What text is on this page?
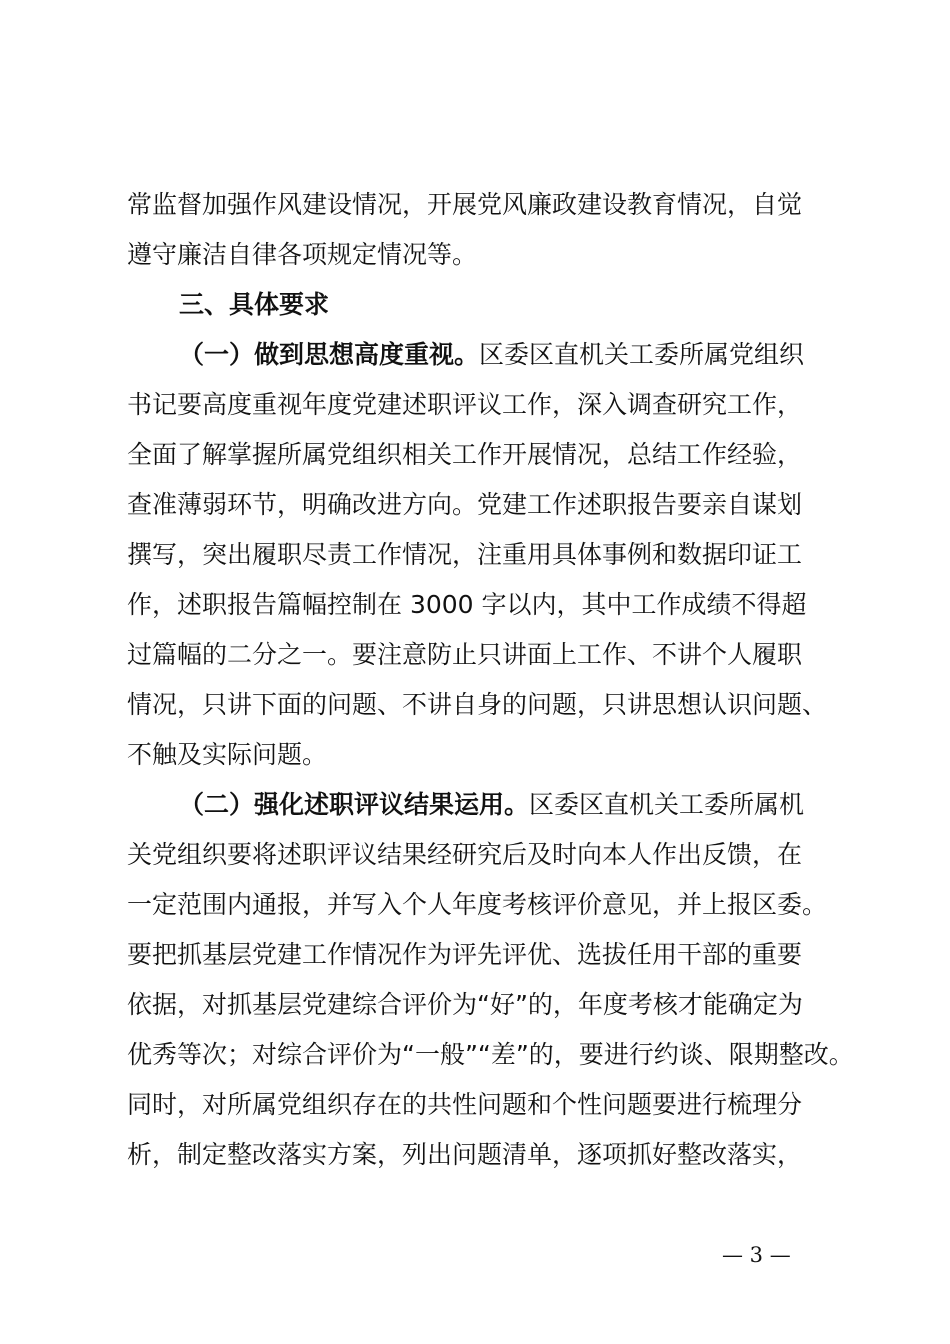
常监督加强作风建设情况，开展党风廉政建设教育情况，自觉
遵守廉洁自律各项规定情况等。
三、具体要求
（一）做到思想高度重视。区委区直机关工委所属党组织
书记要高度重视年度党建述职评议工作，深入调查研究工作，
全面了解掌握所属党组织相关工作开展情况，总结工作经验，
查准薄弱环节，明确改进方向。党建工作述职报告要亲自谋划
撰写，突出履职尽责工作情况，注重用具体事例和数据印证工
作，述职报告篇幅控制在 3000 字以内，其中工作成绩不得超
过篇幅的二分之一。要注意防止只讲面上工作、不讲个人履职
情况，只讲下面的问题、不讲自身的问题，只讲思想认识问题、
不触及实际问题。
（二）强化述职评议结果运用。区委区直机关工委所属机
关党组织要将述职评议结果经研究后及时向本人作出反馈，在
一定范围内通报，并写入个人年度考核评价意见，并上报区委。
要把抓基层党建工作情况作为评先评优、选拔任用干部的重要
依据，对抓基层党建综合评价为“好”的，年度考核才能确定为
优秀等次；对综合评价为“一般”“差”的，要进行约谈、限期整改。
同时，对所属党组织存在的共性问题和个性问题要进行梳理分
析，制定整改落实方案，列出问题清单，逐项抓好整改落实，
— 3 —
